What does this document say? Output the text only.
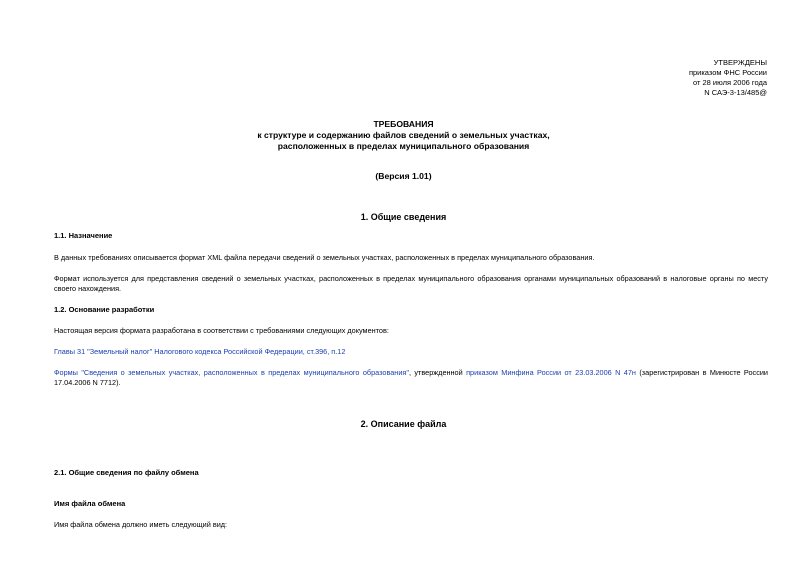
УТВЕРЖДЕНЫ
приказом ФНС России
от 28 июля 2006 года
N САЭ-3-13/485@
ТРЕБОВАНИЯ
к структуре и содержанию файлов сведений о земельных участках,
расположенных в пределах муниципального образования
(Версия 1.01)
1. Общие сведения
1.1. Назначение
В данных требованиях описывается формат XML файла передачи сведений о земельных участках, расположенных в пределах муниципального образования.
Формат используется для представления сведений о земельных участках, расположенных в пределах муниципального образования органами муниципальных образований в налоговые органы по месту своего нахождения.
1.2. Основание разработки
Настоящая версия формата разработана в соответствии с требованиями следующих документов:
Главы 31 "Земельный налог" Налогового кодекса Российской Федерации, ст.396, п.12
Формы "Сведения о земельных участках, расположенных в пределах муниципального образования", утвержденной приказом Минфина России от 23.03.2006 N 47н (зарегистрирован в Минюсте России 17.04.2006 N 7712).
2. Описание файла
2.1. Общие сведения по файлу обмена
Имя файла обмена
Имя файла обмена должно иметь следующий вид:
